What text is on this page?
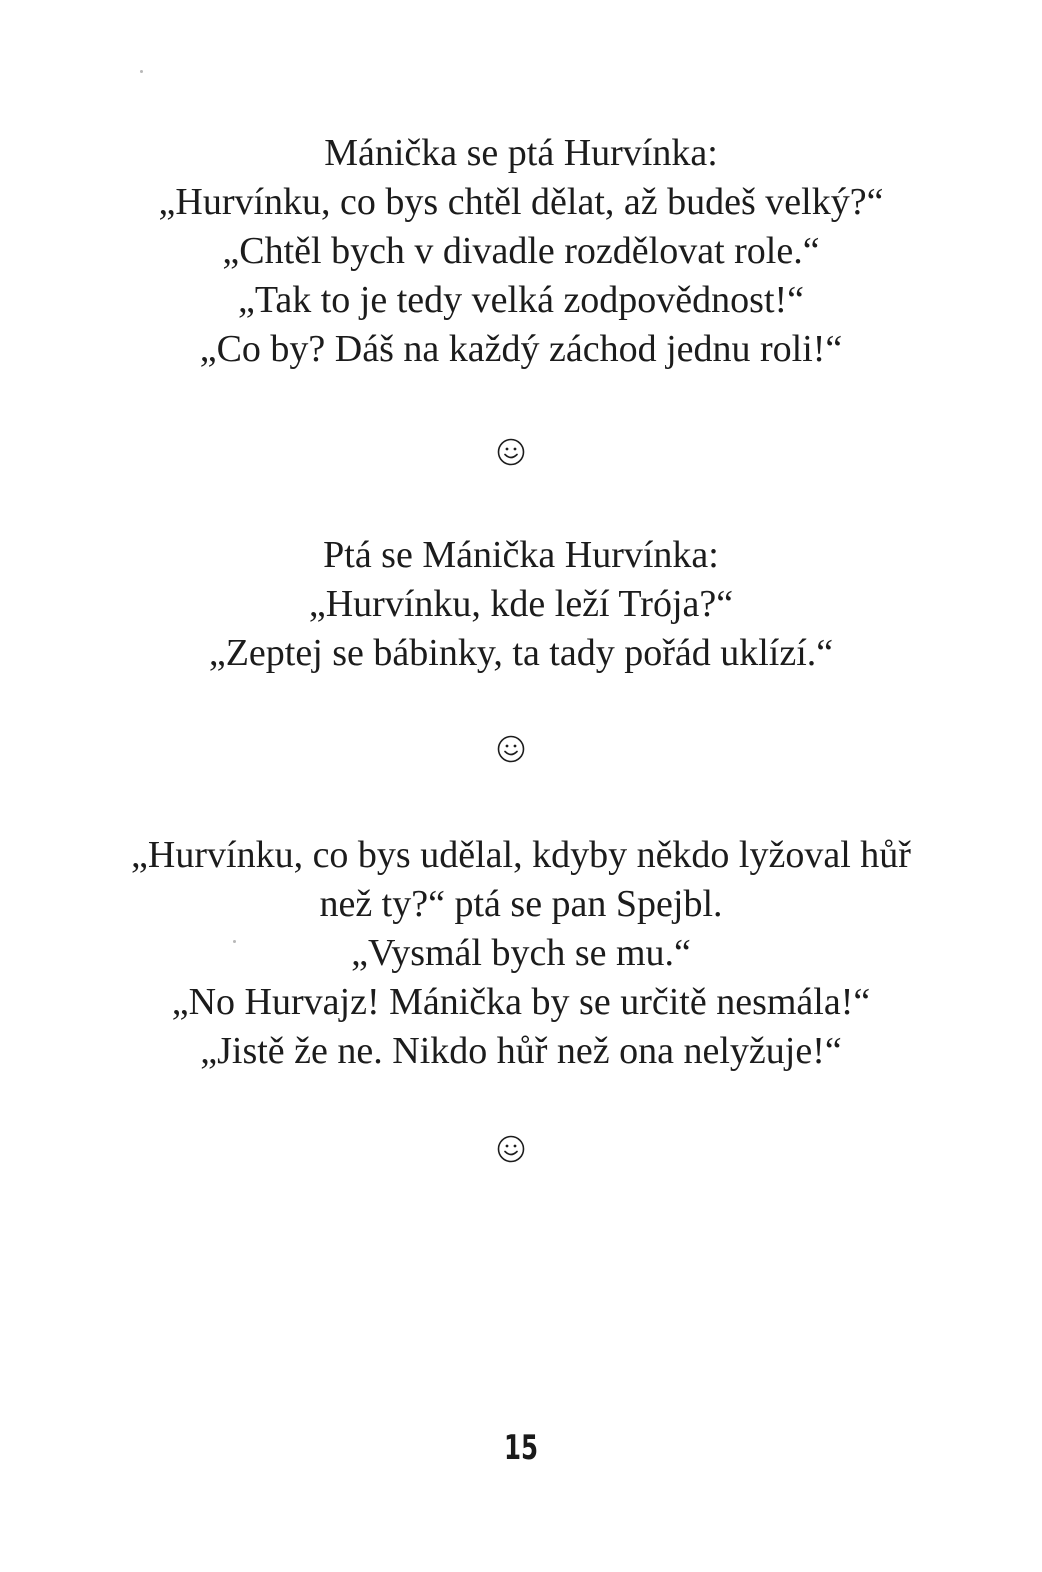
Mánička se ptá Hurvínka:
„Hurvínku, co bys chtěl dělat, až budeš velký?“
„Chtěl bych v divadle rozdělovat role.“
„Tak to je tedy velká zodpovědnost!“
„Co by? Dáš na každý záchod jednu roli!“
Ptá se Mánička Hurvínka:
„Hurvínku, kde leží Trója?“
„Zeptej se bábinky, ta tady pořád uklízí.“
„Hurvínku, co bys udělal, kdyby někdo lyžoval hůř
než ty?“ ptá se pan Spejbl.
„Vysmál bych se mu.“
„No Hurvajz! Mánička by se určitě nesmála!“
„Jistě že ne. Nikdo hůř než ona nelyžuje!“
15
